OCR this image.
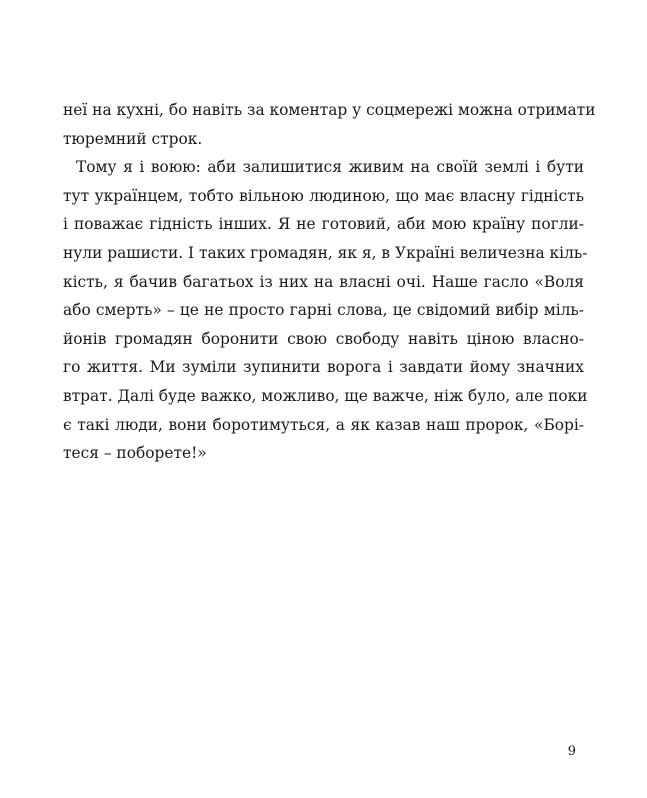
неї на кухні, бо навіть за коментар у соцмережі можна отримати
тюремний строк.
Тому я і воюю: аби залишитися живим на своїй землі і бути
тут українцем, тобто вільною людиною, що має власну гідність
і поважає гідність інших. Я не готовий, аби мою країну погли-
нули рашисти. І таких громадян, як я, в Україні величезна кіль-
кість, я бачив багатьох із них на власні очі. Наше гасло «Воля
або смерть» – це не просто гарні слова, це свідомий вибір міль-
йонів громадян боронити свою свободу навіть ціною власно-
го життя. Ми зуміли зупинити ворога і завдати йому значних
втрат. Далі буде важко, можливо, ще важче, ніж було, але поки
є такі люди, вони боротимуться, а як казав наш пророк, «Борі-
теся – поборете!»
9
